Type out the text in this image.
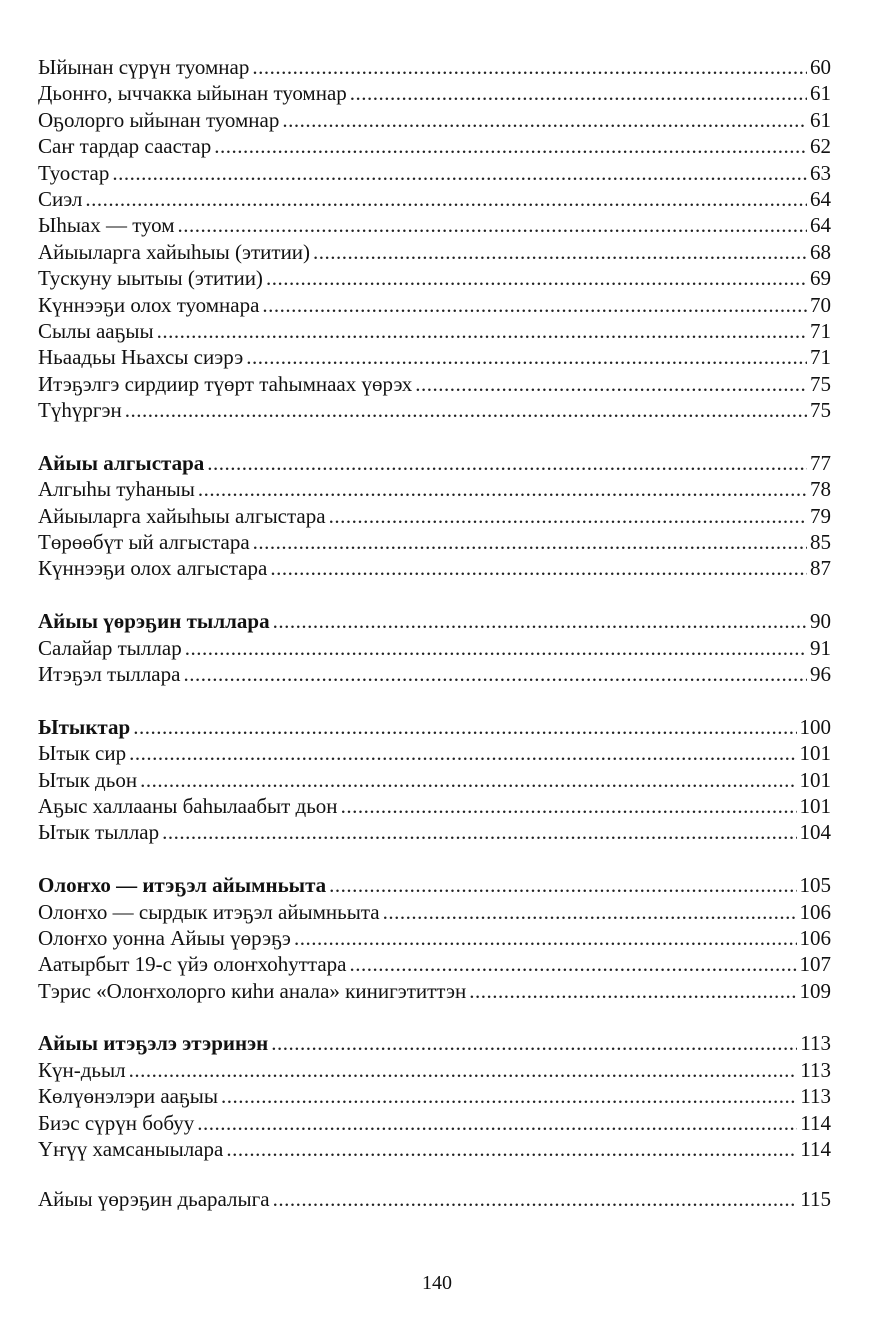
Ыйынан сүрүн туомнар .....	60
Дьонҥо, ыччакка ыйынан туомнар .....	61
Оҕолорго ыйынан туомнар .....	61
Саҥ тардар саастар .....	62
Туостар .....	63
Сиэл .....	64
Ыһыах — туом .....	64
Айыыларга хайыһыы (этитии) .....	68
Тускуну ыытыы (этитии) .....	69
Күннээҕи олох туомнара .....	70
Сылы ааҕыы .....	71
Ньаадьы Ньахсы сиэрэ .....	71
Итэҕэлгэ сирдиир түөрт таһымнаах үөрэх .....	75
Түһүргэн .....	75
Айыы алгыстара .....	77
Алгыһы туһаныы .....	78
Айыыларга хайыһыы алгыстара .....	79
Төрөөбүт ый алгыстара .....	85
Күннээҕи олох алгыстара .....	87
Айыы үөрэҕин тыллара .....	90
Салайар тыллар .....	91
Итэҕэл тыллара .....	96
Ытыктар .....	100
Ытык сир .....	101
Ытык дьон .....	101
Аҕыс халлааны баһылаабыт дьон .....	101
Ытык тыллар .....	104
Олоҥхо — итэҕэл айымньыта .....	105
Олоҥхо — сырдык итэҕэл айымньыта .....	106
Олоҥхо уонна Айыы үөрэҕэ .....	106
Аатырбыт 19-с үйэ олоҥхоһуттара .....	107
Тэрис «Олоҥхолорго киһи анала» кинигэтиттэн .....	109
Айыы итэҕэлэ этэринэн .....	113
Күн-дьыл .....	113
Көлүөнэлэри ааҕыы .....	113
Биэс сүрүн бобуу .....	114
Үҥүү хамсаныылара .....	114
Айыы үөрэҕин дьаралыга .....	115
140
